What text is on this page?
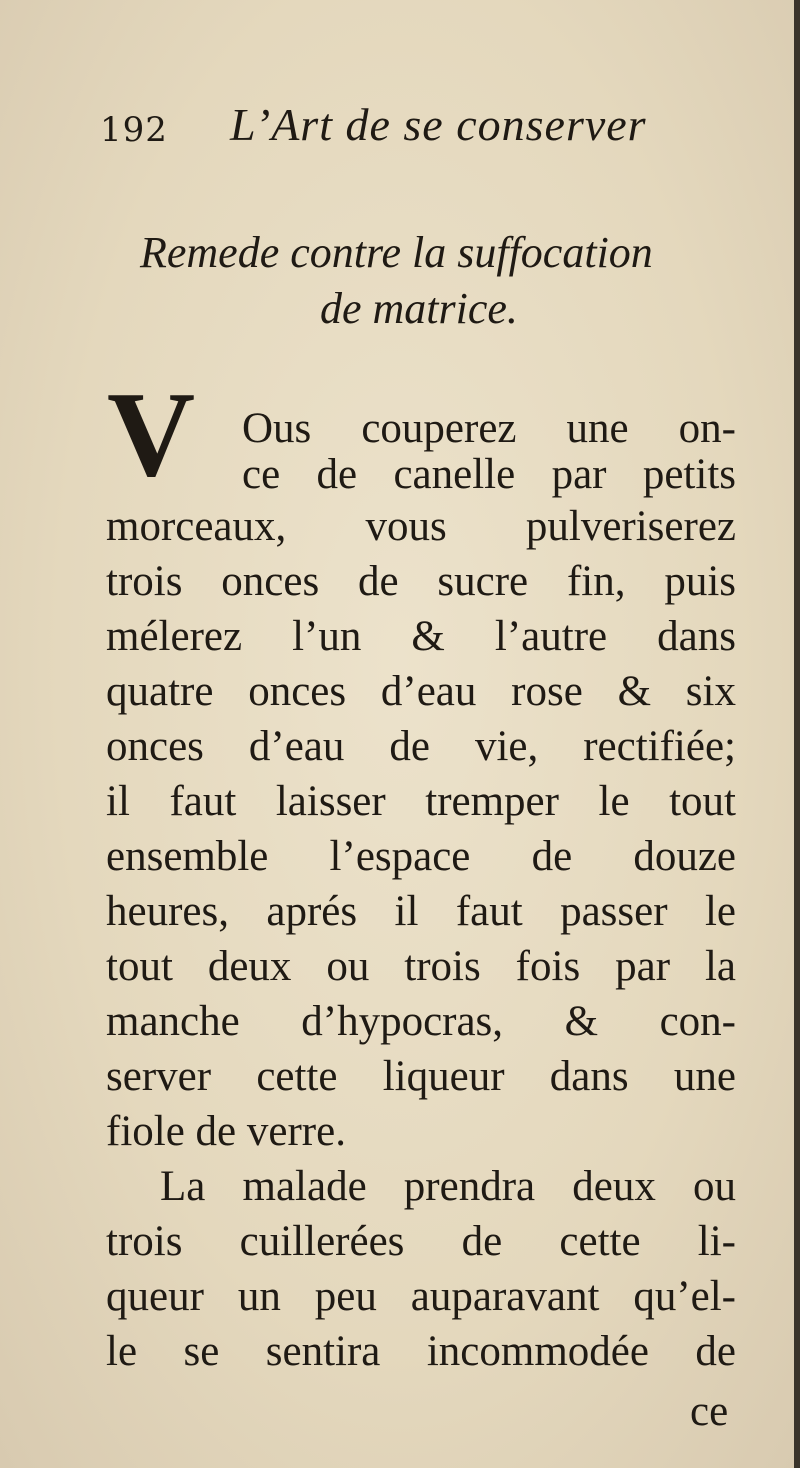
192 L’Art de se conserver
Remede contre la suffocation
de matrice.
V Ous couperez une on-
ce de canelle par petits
morceaux, vous pulveriserez
trois onces de sucre fin, puis
mélerez l’un & l’autre dans
quatre onces d’eau rose & six
onces d’eau de vie, rectifiée;
il faut laisser tremper le tout
ensemble l’espace de douze
heures, aprés il faut passer le
tout deux ou trois fois par la
manche d’hypocras, & con-
server cette liqueur dans une
fiole de verre.
La malade prendra deux ou
trois cuillerées de cette li-
queur un peu auparavant qu’el-
le se sentira incommodée de
ce
